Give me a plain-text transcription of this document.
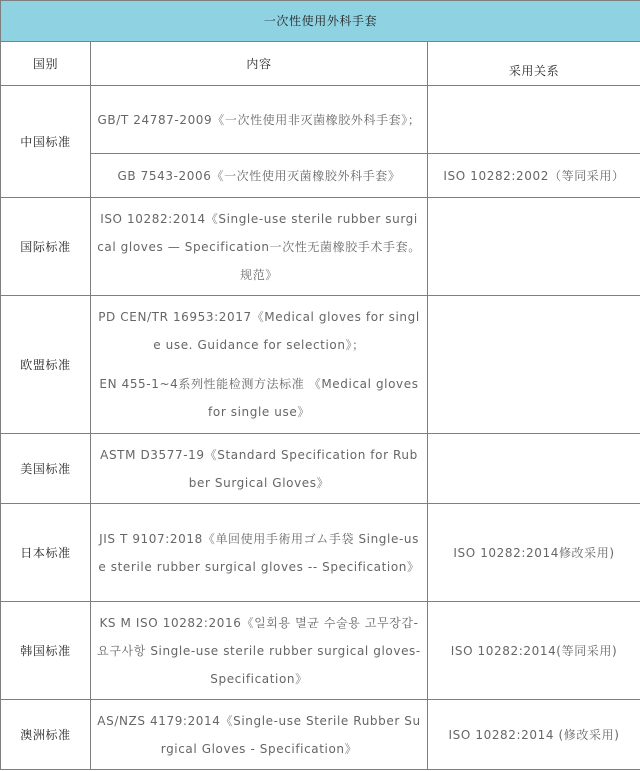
一次性使用外科手套		
国别	内容	采用关系
中国标准	GB/T 24787-2009《一次性使用非灭菌橡胶外科手套》；	

	GB 7543-2006《一次性使用灭菌橡胶外科手套》	ISO 10282:2002（等同采用）
国际标准	ISO 10282:2014《Single-use sterile rubber surgical gloves — Specification一次性无菌橡胶手术手套。规范》	

欧盟标准	PD CEN/TR 16953:2017《Medical gloves for single use. Guidance for selection》；
EN 455-1~4系列性能检测方法标准 《Medical gloves for single use》	

美国标准	ASTM D3577-19《Standard Specification for Rubber Surgical Gloves》	

日本标准	JIS T 9107:2018《单回使用手術用ゴム手袋 Single-use sterile rubber surgical gloves -- Specification》	ISO 10282:2014修改采用)
韩国标准	KS M ISO 10282:2016《일회용 멸균 수술용 고무장갑- 요구사항 Single-use sterile rubber surgical gloves- Specification》	ISO 10282:2014(等同采用)
澳洲标准	AS/NZS 4179:2014《Single-use Sterile Rubber Surgical Gloves - Specification》	ISO 10282:2014 (修改采用)
